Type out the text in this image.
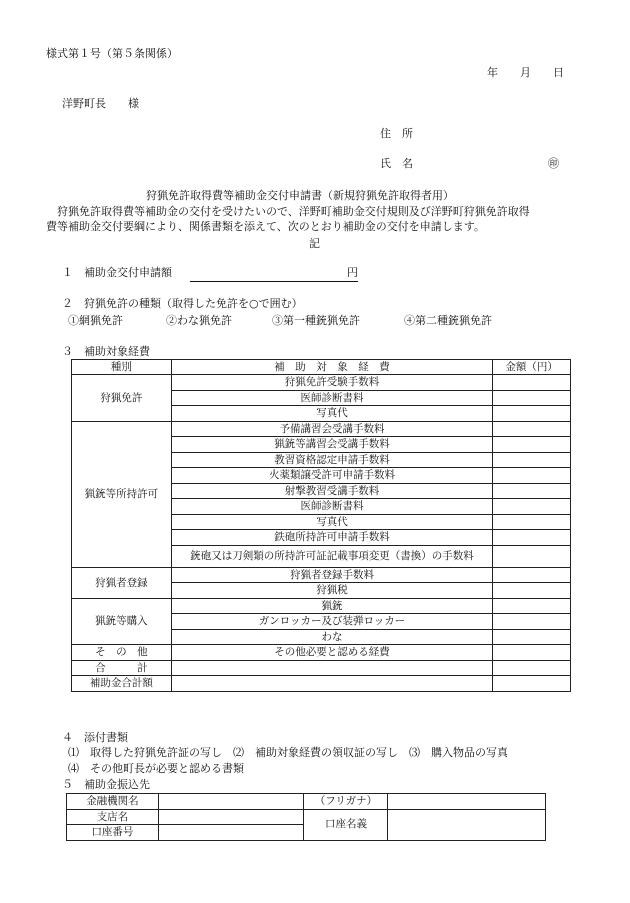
様式第１号（第５条関係）
年　　月　　日
洋野町長　　様
住　所
氏　名	㊞
狩猟免許取得費等補助金交付申請書（新規狩猟免許取得者用）
　狩猟免許取得費等補助金の交付を受けたいので、洋野町補助金交付規則及び洋野町狩猟免許取得
費等補助金交付要綱により、関係書類を添えて、次のとおり補助金の交付を申請します。
記
１　補助金交付申請額	円
２　狩猟免許の種類（取得した免許を○で囲む）
①網猟免許	②わな猟免許	③第一種銃猟免許	④第二種銃猟免許
３　補助対象経費
種別	補　助　対　象　経　費	金額（円）
狩猟免許	狩猟免許受験手数料	
	医師診断書料	
	写真代	
猟銃等所持許可	予備講習会受講手数料	
	猟銃等講習会受講手数料	
	教習資格認定申請手数料	
	火薬類譲受許可申請手数料	
	射撃教習受講手数料	
	医師診断書料	
	写真代	
	鉄砲所持許可申請手数料	
	銃砲又は刀剣類の所持許可証記載事項変更（書換）の手数料	
狩猟者登録	狩猟者登録手数料	
	狩猟税	
猟銃等購入	猟銃	
	ガンロッカー及び装弾ロッカー	
	わな	
そ　の　他	その他必要と認める経費	
合　　　計		
補助金合計額		
４　添付書類
⑴　取得した狩猟免許証の写し　⑵　補助対象経費の領収証の写し　⑶　購入物品の写真
⑷　その他町長が必要と認める書類
５　補助金振込先
金融機関名		（フリガナ）	
支店名		口座名義	
口座番号			
